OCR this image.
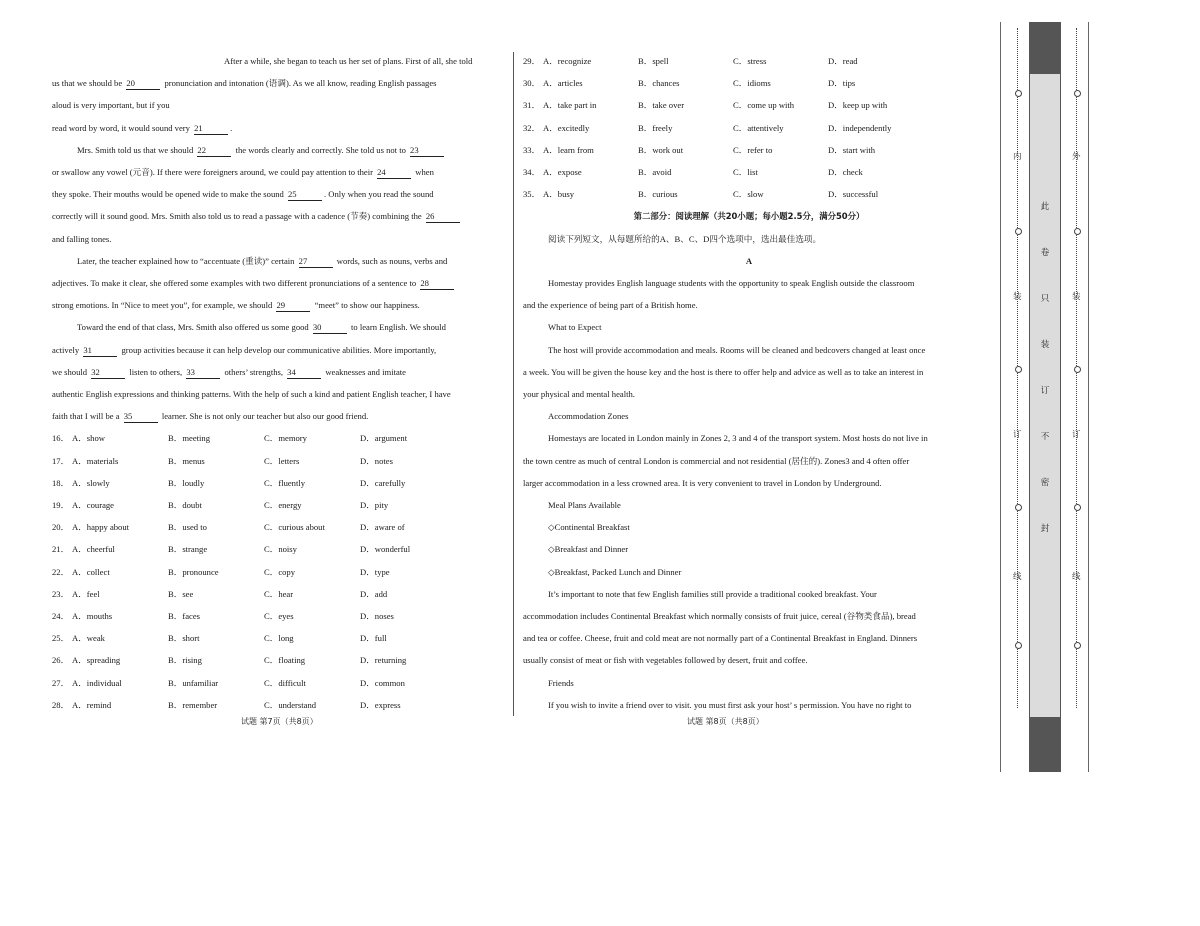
After a while, she began to teach us her set of plans. First of all, she told

us that we should be 20	pronunciation and intonation (语调). As we all know, reading English passages

aloud is very important, but if you

read word by word, it would sound very 21	.

Mrs. Smith told us that we should 22	the words clearly and correctly. She told us not to 23

or swallow any vowel (元音). If there were foreigners around, we could pay attention to their 24	when

they spoke. Their mouths would be opened wide to make the sound 25	. Only when you read the sound

correctly will it sound good. Mrs. Smith also told us to read a passage with a cadence (节奏) combining the 26

and falling tones.

Later, the teacher explained how to “accentuate (重读)” certain 27	words, such as nouns, verbs and

adjectives. To make it clear, she offered some examples with two different pronunciations of a sentence to 28

strong emotions. In “Nice to meet you”, for example, we should 29	“meet” to show our happiness.

Toward the end of that class, Mrs. Smith also offered us some good 30	to learn English. We should

actively 31	group activities because it can help develop our communicative abilities. More importantly,

we should 32	listen to others, 33	others’ strengths, 34	weaknesses and imitate

authentic English expressions and thinking patterns. With the help of such a kind and patient English teacher, I have

faith that I will be a 35	learner. She is not only our teacher but also our good friend.

16． A．show	B．meeting	C．memory	D．argument
17． A．materials	B．menus	C．letters	D．notes
18． A．slowly	B．loudly	C．fluently	D．carefully
19． A．courage	B．doubt	C．energy	D．pity
20． A．happy about	B．used to	C．curious about	D．aware of
21． A．cheerful	B．strange	C．noisy	D．wonderful
22． A．collect	B．pronounce	C．copy	D．type
23． A．feel	B．see	C．hear	D．add
24． A．mouths	B．faces	C．eyes	D．noses
25． A．weak	B．short	C．long	D．full
26． A．spreading	B．rising	C．floating	D．returning
27． A．individual	B．unfamiliar	C．difficult	D．common
28． A．remind	B．remember	C．understand	D．express
29． A．recognize	B．spell	C．stress	D．read
30． A．articles	B．chances	C．idioms	D．tips
31． A．take part in	B．take over	C．come up with	D．keep up with
32． A．excitedly	B．freely	C．attentively	D．independently
33． A．learn from	B．work out	C．refer to	D．start with
34． A．expose	B．avoid	C．list	D．check
35． A．busy	B．curious	C．slow	D．successful

第二部分：阅读理解（共20小题；每小题2.5分，满分50分）

阅读下列短文，从每题所给的A、B、C、D四个选项中，选出最佳选项。

A

Homestay provides English language students with the opportunity to speak English outside the classroom

and the experience of being part of a British home.

What to Expect

The host will provide accommodation and meals. Rooms will be cleaned and bedcovers changed at least once

a week. You will be given the house key and the host is there to offer help and advice as well as to take an interest in

your physical and mental health.

Accommodation Zones

Homestays are located in London mainly in Zones 2, 3 and 4 of the transport system. Most hosts do not live in

the town centre as much of central London is commercial and not residential (居住的). Zones3 and 4 often offer

larger accommodation in a less crowned area. It is very convenient to travel in London by Underground.

Meal Plans Available

◇Continental Breakfast

◇Breakfast and Dinner

◇Breakfast, Packed Lunch and Dinner

It’s important to note that few English families still provide a traditional cooked breakfast. Your

accommodation includes Continental Breakfast which normally consists of fruit juice, cereal (谷物类食品), bread

and tea or coffee. Cheese, fruit and cold meat are not normally part of a Continental Breakfast in England. Dinners

usually consist of meat or fish with vegetables followed by desert, fruit and coffee.

Friends

If you wish to invite a friend over to visit. you must first ask your host’ s permission. You have no right to

试题 第7页（共8页）	试题 第8页（共8页）
内
装
订
线
外
装
订
线
此
卷
只
装
订
不
密
封
